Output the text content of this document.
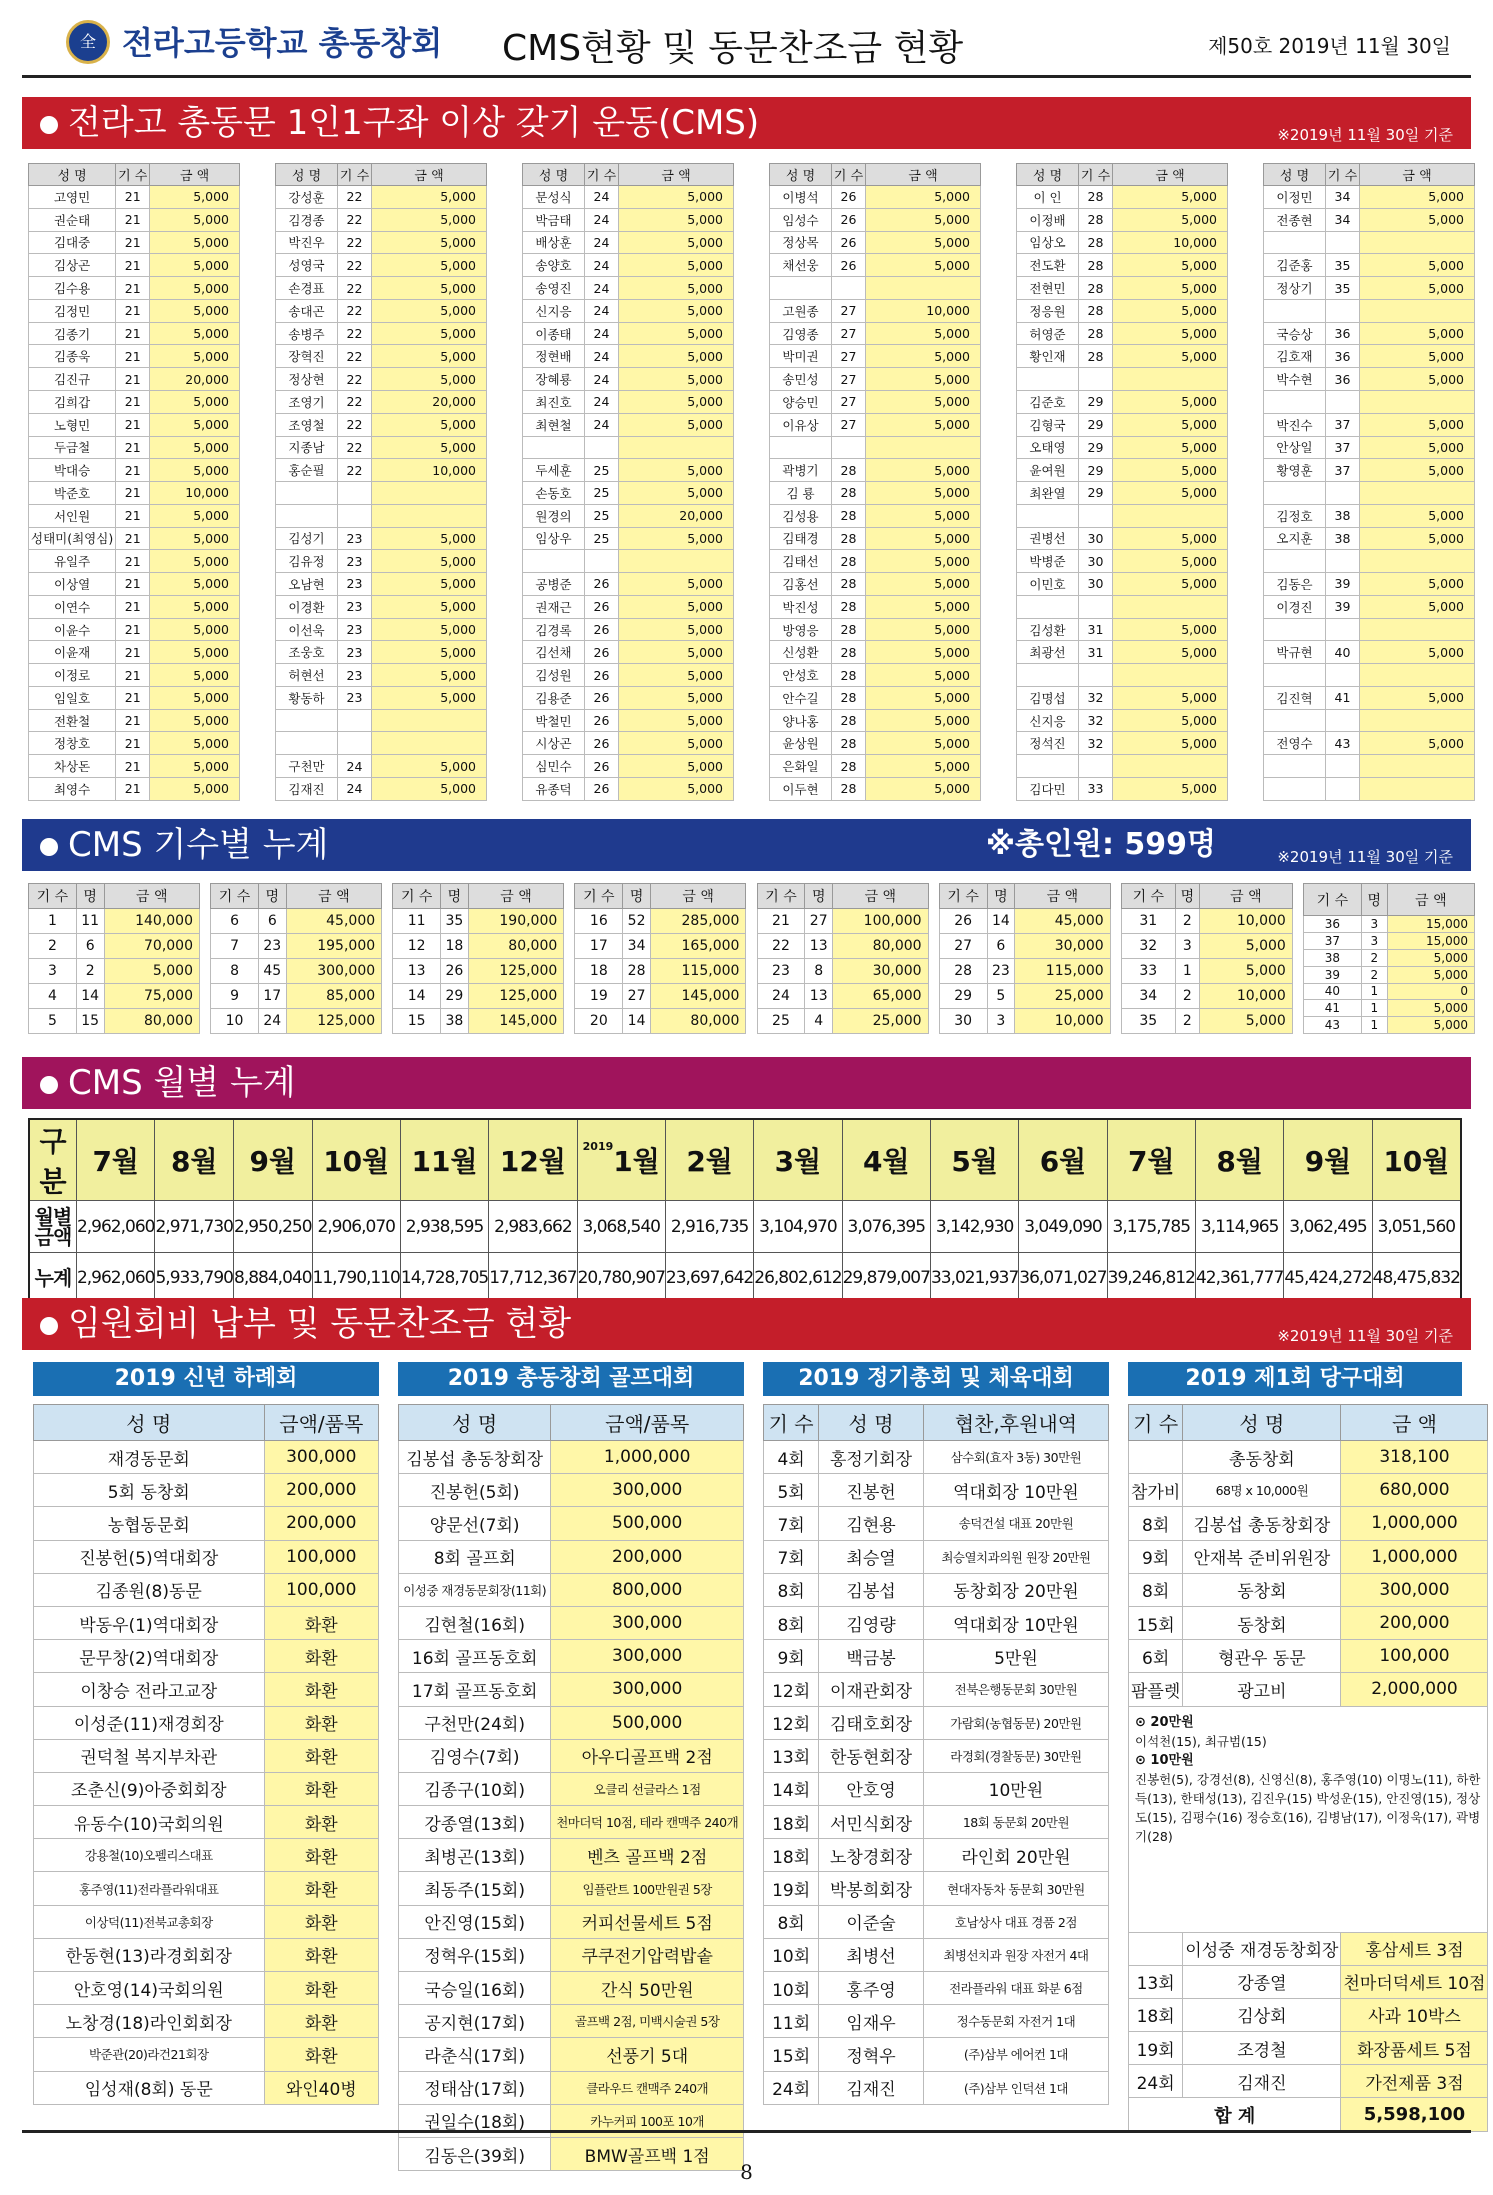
全 전라고등학교 총동창회 CMS현황 및 동문찬조금 현황	제50호 2019년 11월 30일
전라고 총동문 1인1구좌 이상 갖기 운동(CMS)	※2019년 11월 30일 기준
성 명	기 수	금 액
고영민	21	5,000
권순태	21	5,000
김대중	21	5,000
김상곤	21	5,000
김수용	21	5,000
김정민	21	5,000
김종기	21	5,000
김종욱	21	5,000
김진규	21	20,000
김희갑	21	5,000
노형민	21	5,000
두금철	21	5,000
박대승	21	5,000
박준호	21	10,000
서인원	21	5,000
성태미(최영심)	21	5,000
유일주	21	5,000
이상열	21	5,000
이연수	21	5,000
이윤수	21	5,000
이윤재	21	5,000
이정로	21	5,000
임일호	21	5,000
전환철	21	5,000
정창호	21	5,000
차상돈	21	5,000
최영수	21	5,000
성 명	기 수	금 액
강성훈	22	5,000
김경종	22	5,000
박진우	22	5,000
성영국	22	5,000
손경표	22	5,000
송대곤	22	5,000
송병주	22	5,000
장혁진	22	5,000
정상현	22	5,000
조영기	22	20,000
조영철	22	5,000
지종남	22	5,000
홍순필	22	10,000

김성기	23	5,000
김유정	23	5,000
오남현	23	5,000
이경환	23	5,000
이선욱	23	5,000
조웅호	23	5,000
허현선	23	5,000
황동하	23	5,000

구천만	24	5,000
김재진	24	5,000
성 명	기 수	금 액
문성식	24	5,000
박금태	24	5,000
배상훈	24	5,000
송양호	24	5,000
송영진	24	5,000
신지응	24	5,000
이종태	24	5,000
정현배	24	5,000
장혜룡	24	5,000
최진호	24	5,000
최현철	24	5,000

두세훈	25	5,000
손동호	25	5,000
원경의	25	20,000
임상우	25	5,000

공병준	26	5,000
권재근	26	5,000
김경록	26	5,000
김선채	26	5,000
김성원	26	5,000
김용준	26	5,000
박철민	26	5,000
시상곤	26	5,000
심민수	26	5,000
유종덕	26	5,000
성 명	기 수	금 액
이병석	26	5,000
임성수	26	5,000
정상목	26	5,000
채선웅	26	5,000

고원종	27	10,000
김영종	27	5,000
박미권	27	5,000
송민성	27	5,000
양승민	27	5,000
이유상	27	5,000

곽병기	28	5,000
김 룡	28	5,000
김성용	28	5,000
김태경	28	5,000
김태선	28	5,000
김홍선	28	5,000
박진성	28	5,000
방영응	28	5,000
신성환	28	5,000
안성호	28	5,000
안수길	28	5,000
양나홍	28	5,000
윤상원	28	5,000
은화일	28	5,000
이두현	28	5,000
성 명	기 수	금 액
이 인	28	5,000
이정배	28	5,000
임상오	28	10,000
전도환	28	5,000
전현민	28	5,000
정응원	28	5,000
허영준	28	5,000
황인재	28	5,000

김준호	29	5,000
김형국	29	5,000
오태영	29	5,000
윤여원	29	5,000
최완열	29	5,000

권병선	30	5,000
박병준	30	5,000
이민호	30	5,000

김성환	31	5,000
최광선	31	5,000

김명섭	32	5,000
신지응	32	5,000
정석진	32	5,000

김다민	33	5,000
성 명	기 수	금 액
이정민	34	5,000
전종현	34	5,000

김준홍	35	5,000
정상기	35	5,000

국승상	36	5,000
김호재	36	5,000
박수현	36	5,000

박진수	37	5,000
안상일	37	5,000
황영훈	37	5,000

김정호	38	5,000
오지훈	38	5,000

김동은	39	5,000
이경진	39	5,000

박규현	40	5,000

김진혁	41	5,000

전영수	43	5,000

CMS 기수별 누계	※총인원: 599명	※2019년 11월 30일 기준
기 수	명	금 액
1	11	140,000
2	6	70,000
3	2	5,000
4	14	75,000
5	15	80,000
기 수	명	금 액
6	6	45,000
7	23	195,000
8	45	300,000
9	17	85,000
10	24	125,000
기 수	명	금 액
11	35	190,000
12	18	80,000
13	26	125,000
14	29	125,000
15	38	145,000
기 수	명	금 액
16	52	285,000
17	34	165,000
18	28	115,000
19	27	145,000
20	14	80,000
기 수	명	금 액
21	27	100,000
22	13	80,000
23	8	30,000
24	13	65,000
25	4	25,000
기 수	명	금 액
26	14	45,000
27	6	30,000
28	23	115,000
29	5	25,000
30	3	10,000
기 수	명	금 액
31	2	10,000
32	3	5,000
33	1	5,000
34	2	10,000
35	2	5,000
기 수	명	금 액
36	3	15,000
37	3	15,000
38	2	5,000
39	2	5,000
40	1	0
41	1	5,000
43	1	5,000
CMS 월별 누계
구 분	7월	8월	9월	10월	11월	12월	$^{2019}$1월	2월	3월	4월	5월	6월	7월	8월	9월	10월
월별 금액	2,962,060	2,971,730	2,950,250	2,906,070	2,938,595	2,983,662	3,068,540	2,916,735	3,104,970	3,076,395	3,142,930	3,049,090	3,175,785	3,114,965	3,062,495	3,051,560
누계	2,962,060	5,933,790	8,884,040	11,790,110	14,728,705	17,712,367	20,780,907	23,697,642	26,802,612	29,879,007	33,021,937	36,071,027	39,246,812	42,361,777	45,424,272	48,475,832
임원회비 납부 및 동문찬조금 현황	※2019년 11월 30일 기준
2019 신년 하례회
성 명	금액/품목
재경동문회	300,000
5회 동창회	200,000
농협동문회	200,000
진봉헌(5)역대회장	100,000
김종원(8)동문	100,000
박동우(1)역대회장	화환
문무창(2)역대회장	화환
이창승 전라고교장	화환
이성준(11)재경회장	화환
권덕철 복지부차관	화환
조춘신(9)아중회회장	화환
유동수(10)국회의원	화환
강용철(10)오펠리스대표	화환
홍주영(11)전라플라워대표	화환
이상덕(11)전북교총회장	화환
한동현(13)라경회회장	화환
안호영(14)국회의원	화환
노창경(18)라인회회장	화환
박준관(20)라건21회장	화환
임성재(8회) 동문	와인40병
2019 총동창회 골프대회
성 명	금액/품목
김봉섭 총동창회장	1,000,000
진봉헌(5회)	300,000
양문선(7회)	500,000
8회 골프회	200,000
이성중 재경동문회장(11회)	800,000
김현철(16회)	300,000
16회 골프동호회	300,000
17회 골프동호회	300,000
구천만(24회)	500,000
김영수(7회)	아우디골프백 2점
김종구(10회)	오클리 선글라스 1점
강종열(13회)	천마더덕 10점, 테라 캔맥주 240개
최병곤(13회)	벤츠 골프백 2점
최동주(15회)	임플란트 100만원권 5장
안진영(15회)	커피선물세트 5점
정혁우(15회)	쿠쿠전기압력밥솥
국승일(16회)	간식 50만원
공지현(17회)	골프백 2점, 미백시술권 5장
라춘식(17회)	선풍기 5대
정태삼(17회)	클라우드 캔맥주 240개
권일수(18회)	카누커피 100포 10개
김동은(39회)	BMW골프백 1점
2019 정기총회 및 체육대회
기 수	성 명	협찬,후원내역
4회	홍정기회장	삼수회(효자 3동) 30만원
5회	진봉헌	역대회장 10만원
7회	김현용	송덕건설 대표 20만원
7회	최승열	최승열치과의원 원장 20만원
8회	김봉섭	동창회장 20만원
8회	김영량	역대회장 10만원
9회	백금봉	5만원
12회	이재관회장	전북은행동문회 30만원
12회	김태호회장	가람회(농협동문) 20만원
13회	한동현회장	라경회(경찰동문) 30만원
14회	안호영	10만원
18회	서민식회장	18회 동문회 20만원
18회	노창경회장	라인회 20만원
19회	박봉희회장	현대자동차 동문회 30만원
8회	이준술	호남상사 대표 경품 2점
10회	최병선	최병선치과 원장 자전거 4대
10회	홍주영	전라플라워 대표 화분 6점
11회	임재우	정수동문회 자전거 1대
15회	정혁우	(주)삼부 에어컨 1대
24회	김재진	(주)삼부 인덕션 1대
2019 제1회 당구대회
기 수	성 명	금 액
	총동창회	318,100
참가비	68명 x 10,000원	680,000
8회	김봉섭 총동창회장	1,000,000
9회	안재복 준비위원장	1,000,000
8회	동창회	300,000
15회	동창회	200,000
6회	형관우 동문	100,000
팜플렛	광고비	2,000,000

⊙ 20만원
이석천(15), 최규범(15)
⊙ 10만원
진봉헌(5), 강경선(8), 신영신(8), 홍주영(10) 이명노(11), 하한득(13), 한태성(13), 김진우(15) 박성운(15), 안진영(15), 정상도(15), 김평수(16) 정승호(16), 김병남(17), 이정욱(17), 곽병기(28)		

	이성중 재경동창회장	홍삼세트 3점
13회	강종열	천마더덕세트 10점
18회	김상회	사과 10박스
19회	조경철	화장품세트 5점
24회	김재진	가전제품 3점
합 계		5,598,100
8
